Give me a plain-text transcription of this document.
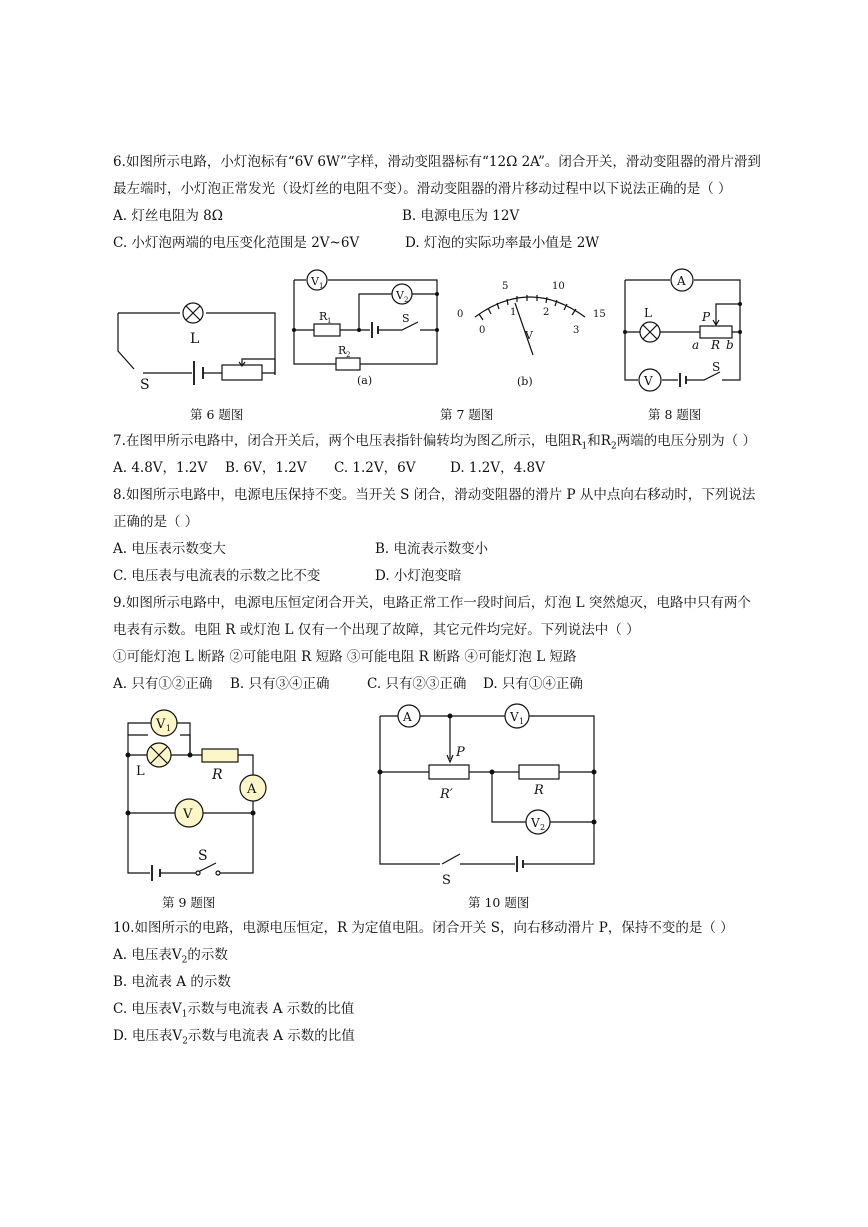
6.如图所示电路，小灯泡标有“6V 6W”字样，滑动变阻器标有“12Ω 2A”。闭合开关，滑动变阻器的滑片滑到
最左端时，小灯泡正常发光（设灯丝的电阻不变）。滑动变阻器的滑片移动过程中以下说法正确的是（ ）
A. 灯丝电阻为 8Ω	B. 电源电压为 12V
C. 小灯泡两端的电压变化范围是 2V~6V	D. 灯泡的实际功率最小值是 2W
L
S
第 6 题图
V 1
V 2
R 1	S
R 2
(a)
0
5	10
15
0
1	2
3
V
(b)
第 7 题图
A
V
S
L	P
a R b
第 8 题图
7.在图甲所示电路中，闭合开关后，两个电压表指针偏转均为图乙所示，电阻$R_1$和$R_2$两端的电压分别为（ ）
A. 4.8V，1.2V B. 6V，1.2V C. 1.2V，6V	D. 1.2V，4.8V
8.如图所示电路中，电源电压保持不变。当开关 S 闭合，滑动变阻器的滑片 P 从中点向右移动时，下列说法
正确的是（ ）
A. 电压表示数变大	B. 电流表示数变小
C. 电压表与电流表的示数之比不变	D. 小灯泡变暗
9.如图所示电路中，电源电压恒定闭合开关，电路正常工作一段时间后，灯泡 L 突然熄灭，电路中只有两个
电表有示数。电阻 R 或灯泡 L 仅有一个出现了故障，其它元件均完好。下列说法中（ ）
①可能灯泡 L 断路 ②可能电阻 R 短路 ③可能电阻 R 断路 ④可能灯泡 L 短路
A. 只有①②正确 B. 只有③④正确	C. 只有②③正确 D. 只有①④正确
V 1
L	R
A
S
V
第 9 题图
A	V 1
P
R′	R
V 2
S
第 10 题图
10.如图所示的电路，电源电压恒定，R 为定值电阻。闭合开关 S，向右移动滑片 P，保持不变的是（ ）
A. 电压表$V_2$的示数
B. 电流表 A 的示数
C. 电压表$V_1$示数与电流表 A 示数的比值
D. 电压表$V_2$示数与电流表 A 示数的比值
